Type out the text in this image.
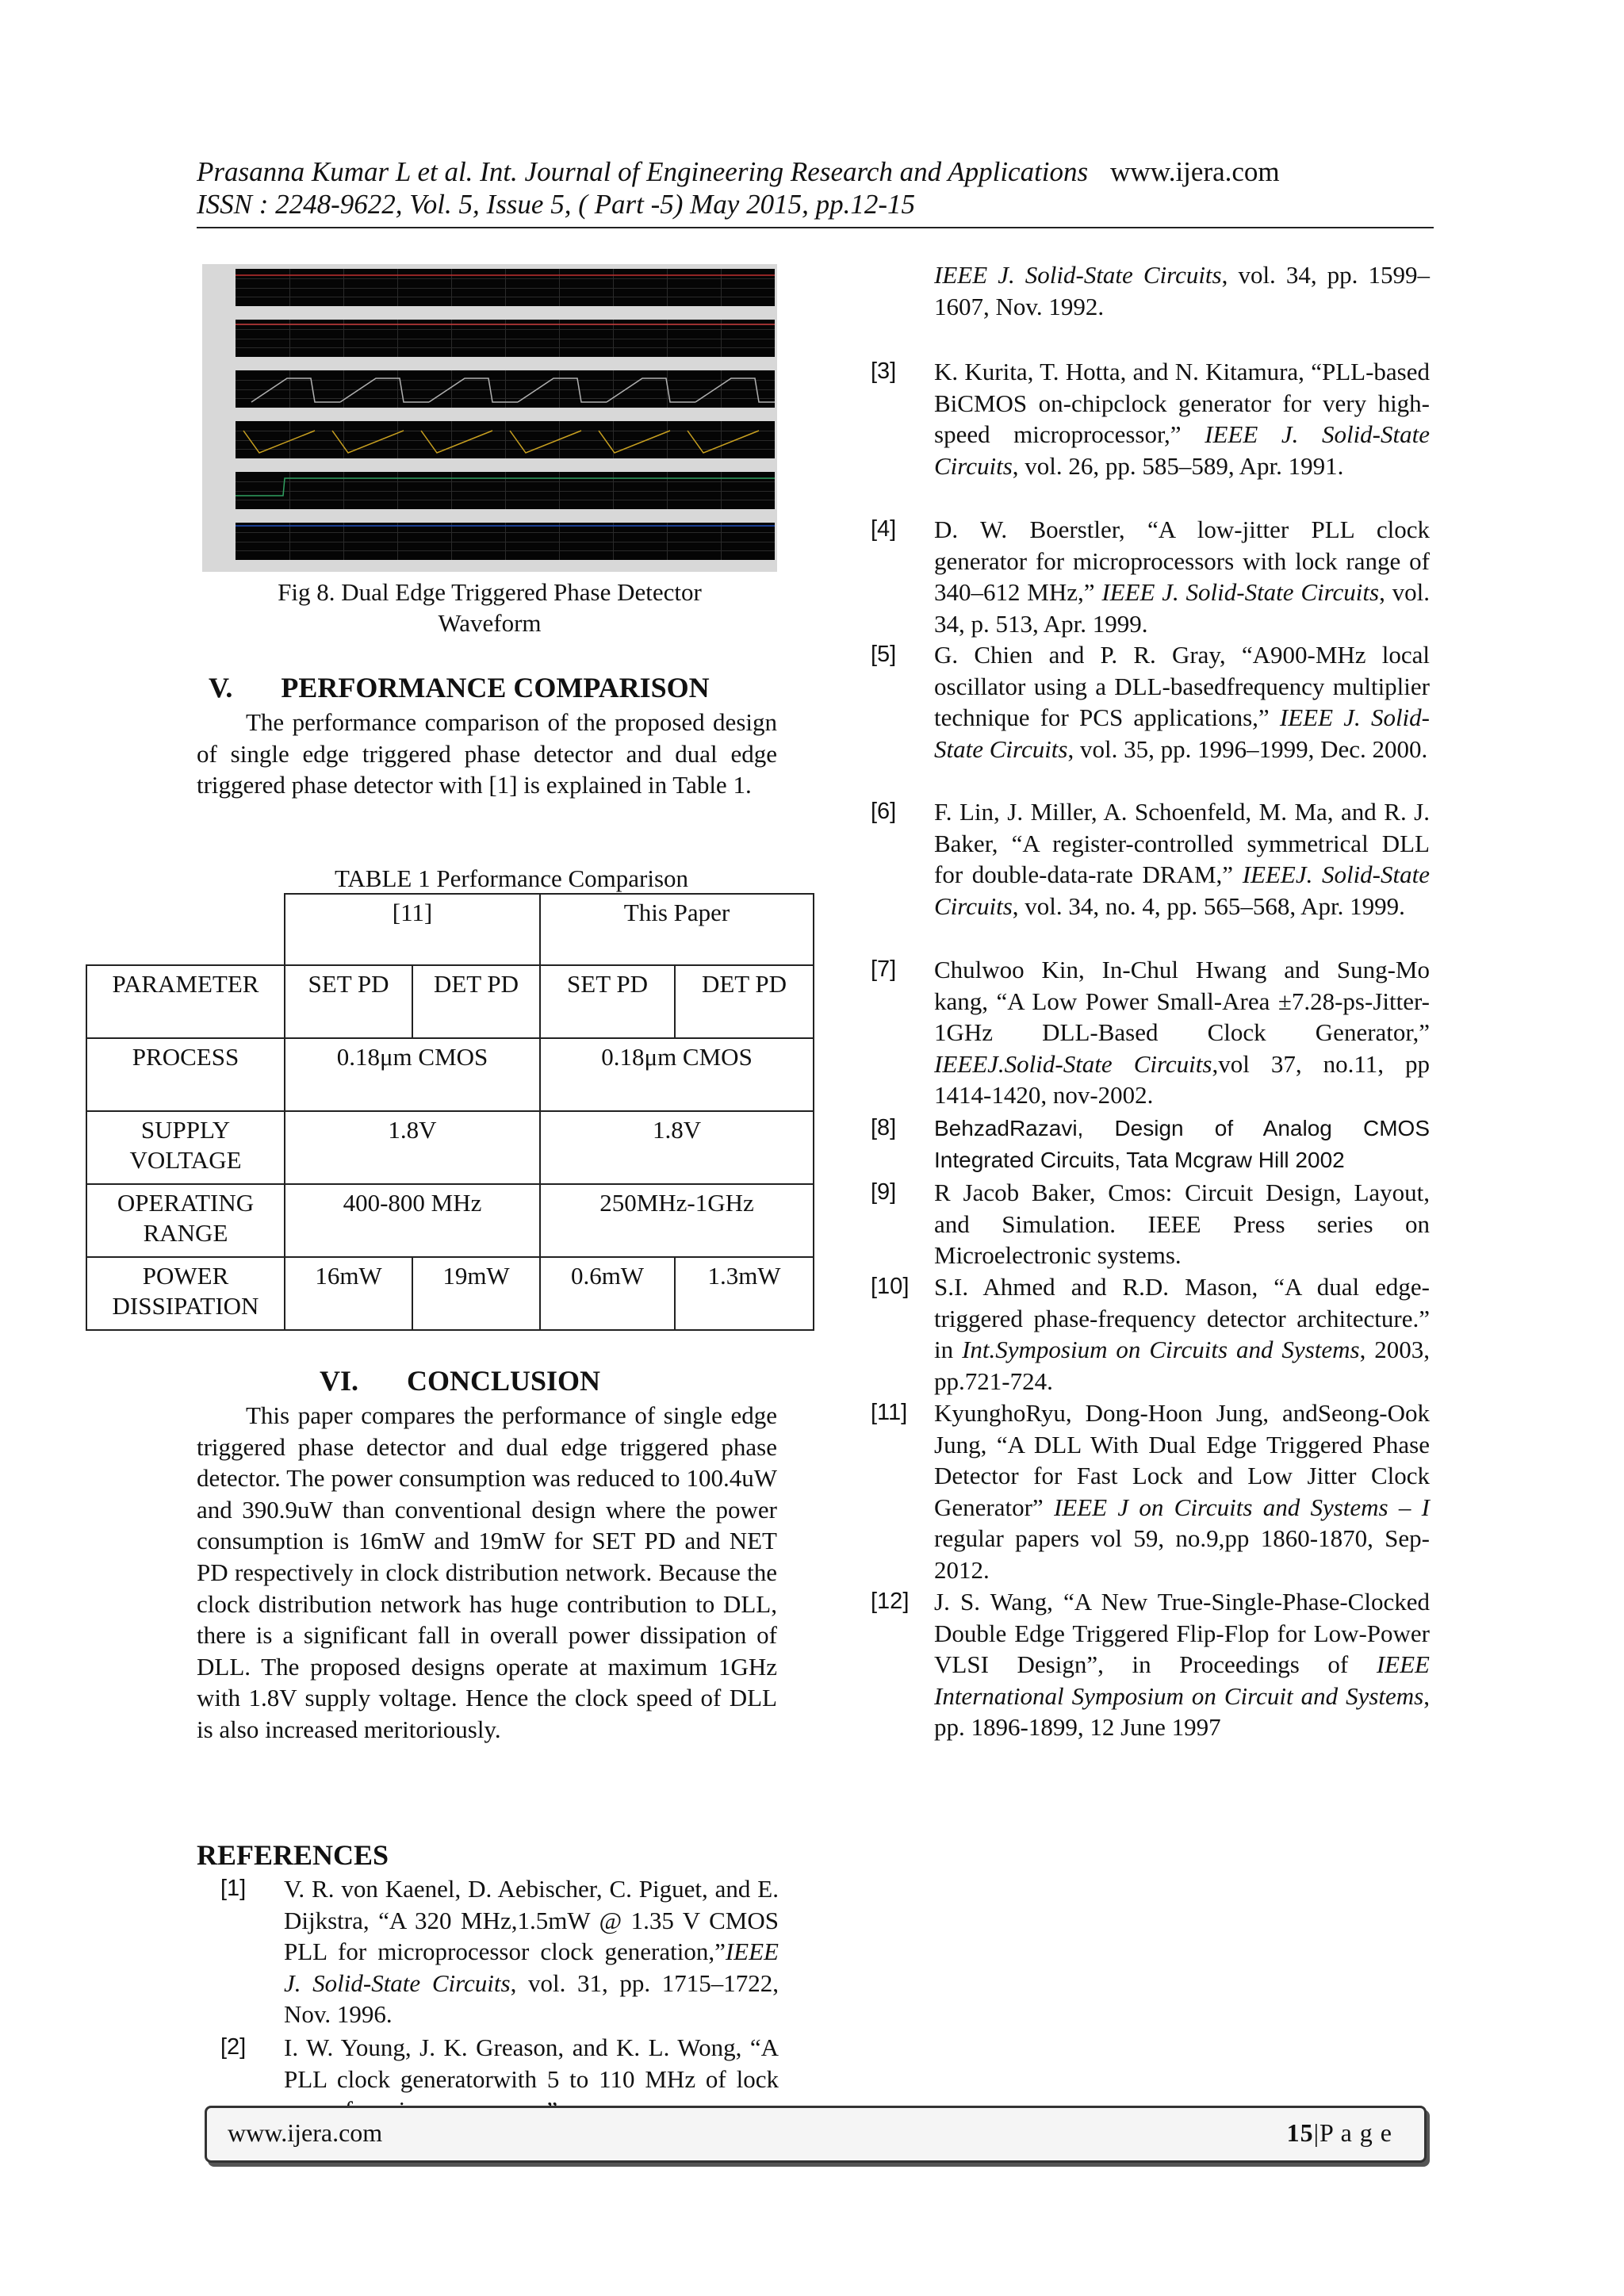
Prasanna Kumar L et al. Int. Journal of Engineering Research and Applications www.ijera.com
ISSN : 2248-9622, Vol. 5, Issue 5, ( Part -5) May 2015, pp.12-15
Fig 8. Dual Edge Triggered Phase Detector
Waveform
V. PERFORMANCE COMPARISON
The performance comparison of the proposed design of single edge triggered phase detector and dual edge triggered phase detector with [1] is explained in Table 1.
TABLE 1 Performance Comparison
	[11]		This Paper	
PARAMETER	SET PD	DET PD	SET PD	DET PD
PROCESS	0.18μm CMOS		0.18μm CMOS	
SUPPLY VOLTAGE	1.8V		1.8V	
OPERATING RANGE	400-800 MHz		250MHz-1GHz	
POWER DISSIPATION	16mW	19mW	0.6mW	1.3mW
VI. CONCLUSION
This paper compares the performance of single edge triggered phase detector and dual edge triggered phase detector. The power consumption was reduced to 100.4uW and 390.9uW than conventional design where the power consumption is 16mW and 19mW for SET PD and NET PD respectively in clock distribution network. Because the clock distribution network has huge contribution to DLL, there is a significant fall in overall power dissipation of DLL. The proposed designs operate at maximum 1GHz with 1.8V supply voltage. Hence the clock speed of DLL is also increased meritoriously.
REFERENCES
[1] V. R. von Kaenel, D. Aebischer, C. Piguet, and E. Dijkstra, “A 320 MHz,1.5mW @ 1.35 V CMOS PLL for microprocessor clock generation,”IEEE J. Solid-State Circuits, vol. 31, pp. 1715–1722, Nov. 1996.
[2] I. W. Young, J. K. Greason, and K. L. Wong, “A PLL clock generatorwith 5 to 110 MHz of lock
IEEE J. Solid-State Circuits, vol. 34, pp. 1599–1607, Nov. 1992.
[3] K. Kurita, T. Hotta, and N. Kitamura, “PLL-based BiCMOS on-chipclock generator for very high-speed microprocessor,” IEEE J. Solid-State Circuits, vol. 26, pp. 585–589, Apr. 1991.
[4] D. W. Boerstler, “A low-jitter PLL clock generator for microprocessors with lock range of 340–612 MHz,” IEEE J. Solid-State Circuits, vol. 34, p. 513, Apr. 1999.
[5] G. Chien and P. R. Gray, “A900-MHz local oscillator using a DLL-basedfrequency multiplier technique for PCS applications,” IEEE J. Solid-State Circuits, vol. 35, pp. 1996–1999, Dec. 2000.
[6] F. Lin, J. Miller, A. Schoenfeld, M. Ma, and R. J. Baker, “A register-controlled symmetrical DLL for double-data-rate DRAM,” IEEEJ. Solid-State Circuits, vol. 34, no. 4, pp. 565–568, Apr. 1999.
[7] Chulwoo Kin, In-Chul Hwang and Sung-Mo kang, “A Low Power Small-Area ±7.28-ps-Jitter-1GHz DLL-Based Clock Generator,” IEEEJ.Solid-State Circuits,vol 37, no.11, pp 1414-1420, nov-2002.
[8] BehzadRazavi, Design of Analog CMOS Integrated Circuits, Tata Mcgraw Hill 2002
[9] R Jacob Baker, Cmos: Circuit Design, Layout, and Simulation. IEEE Press series on Microelectronic systems.
[10] S.I. Ahmed and R.D. Mason, “A dual edge-triggered phase-frequency detector architecture.” in Int.Symposium on Circuits and Systems, 2003, pp.721-724.
[11] KyunghoRyu, Dong-Hoon Jung, andSeong-Ook Jung, “A DLL With Dual Edge Triggered Phase Detector for Fast Lock and Low Jitter Clock Generator” IEEE J on Circuits and Systems – I regular papers vol 59, no.9,pp 1860-1870, Sep-2012.
[12] J. S. Wang, “A New True-Single-Phase-Clocked Double Edge Triggered Flip-Flop for Low-Power VLSI Design”, in Proceedings of IEEE International Symposium on Circuit and Systems, pp. 1896-1899, 12 June 1997
www.ijera.com	15|P a g e
